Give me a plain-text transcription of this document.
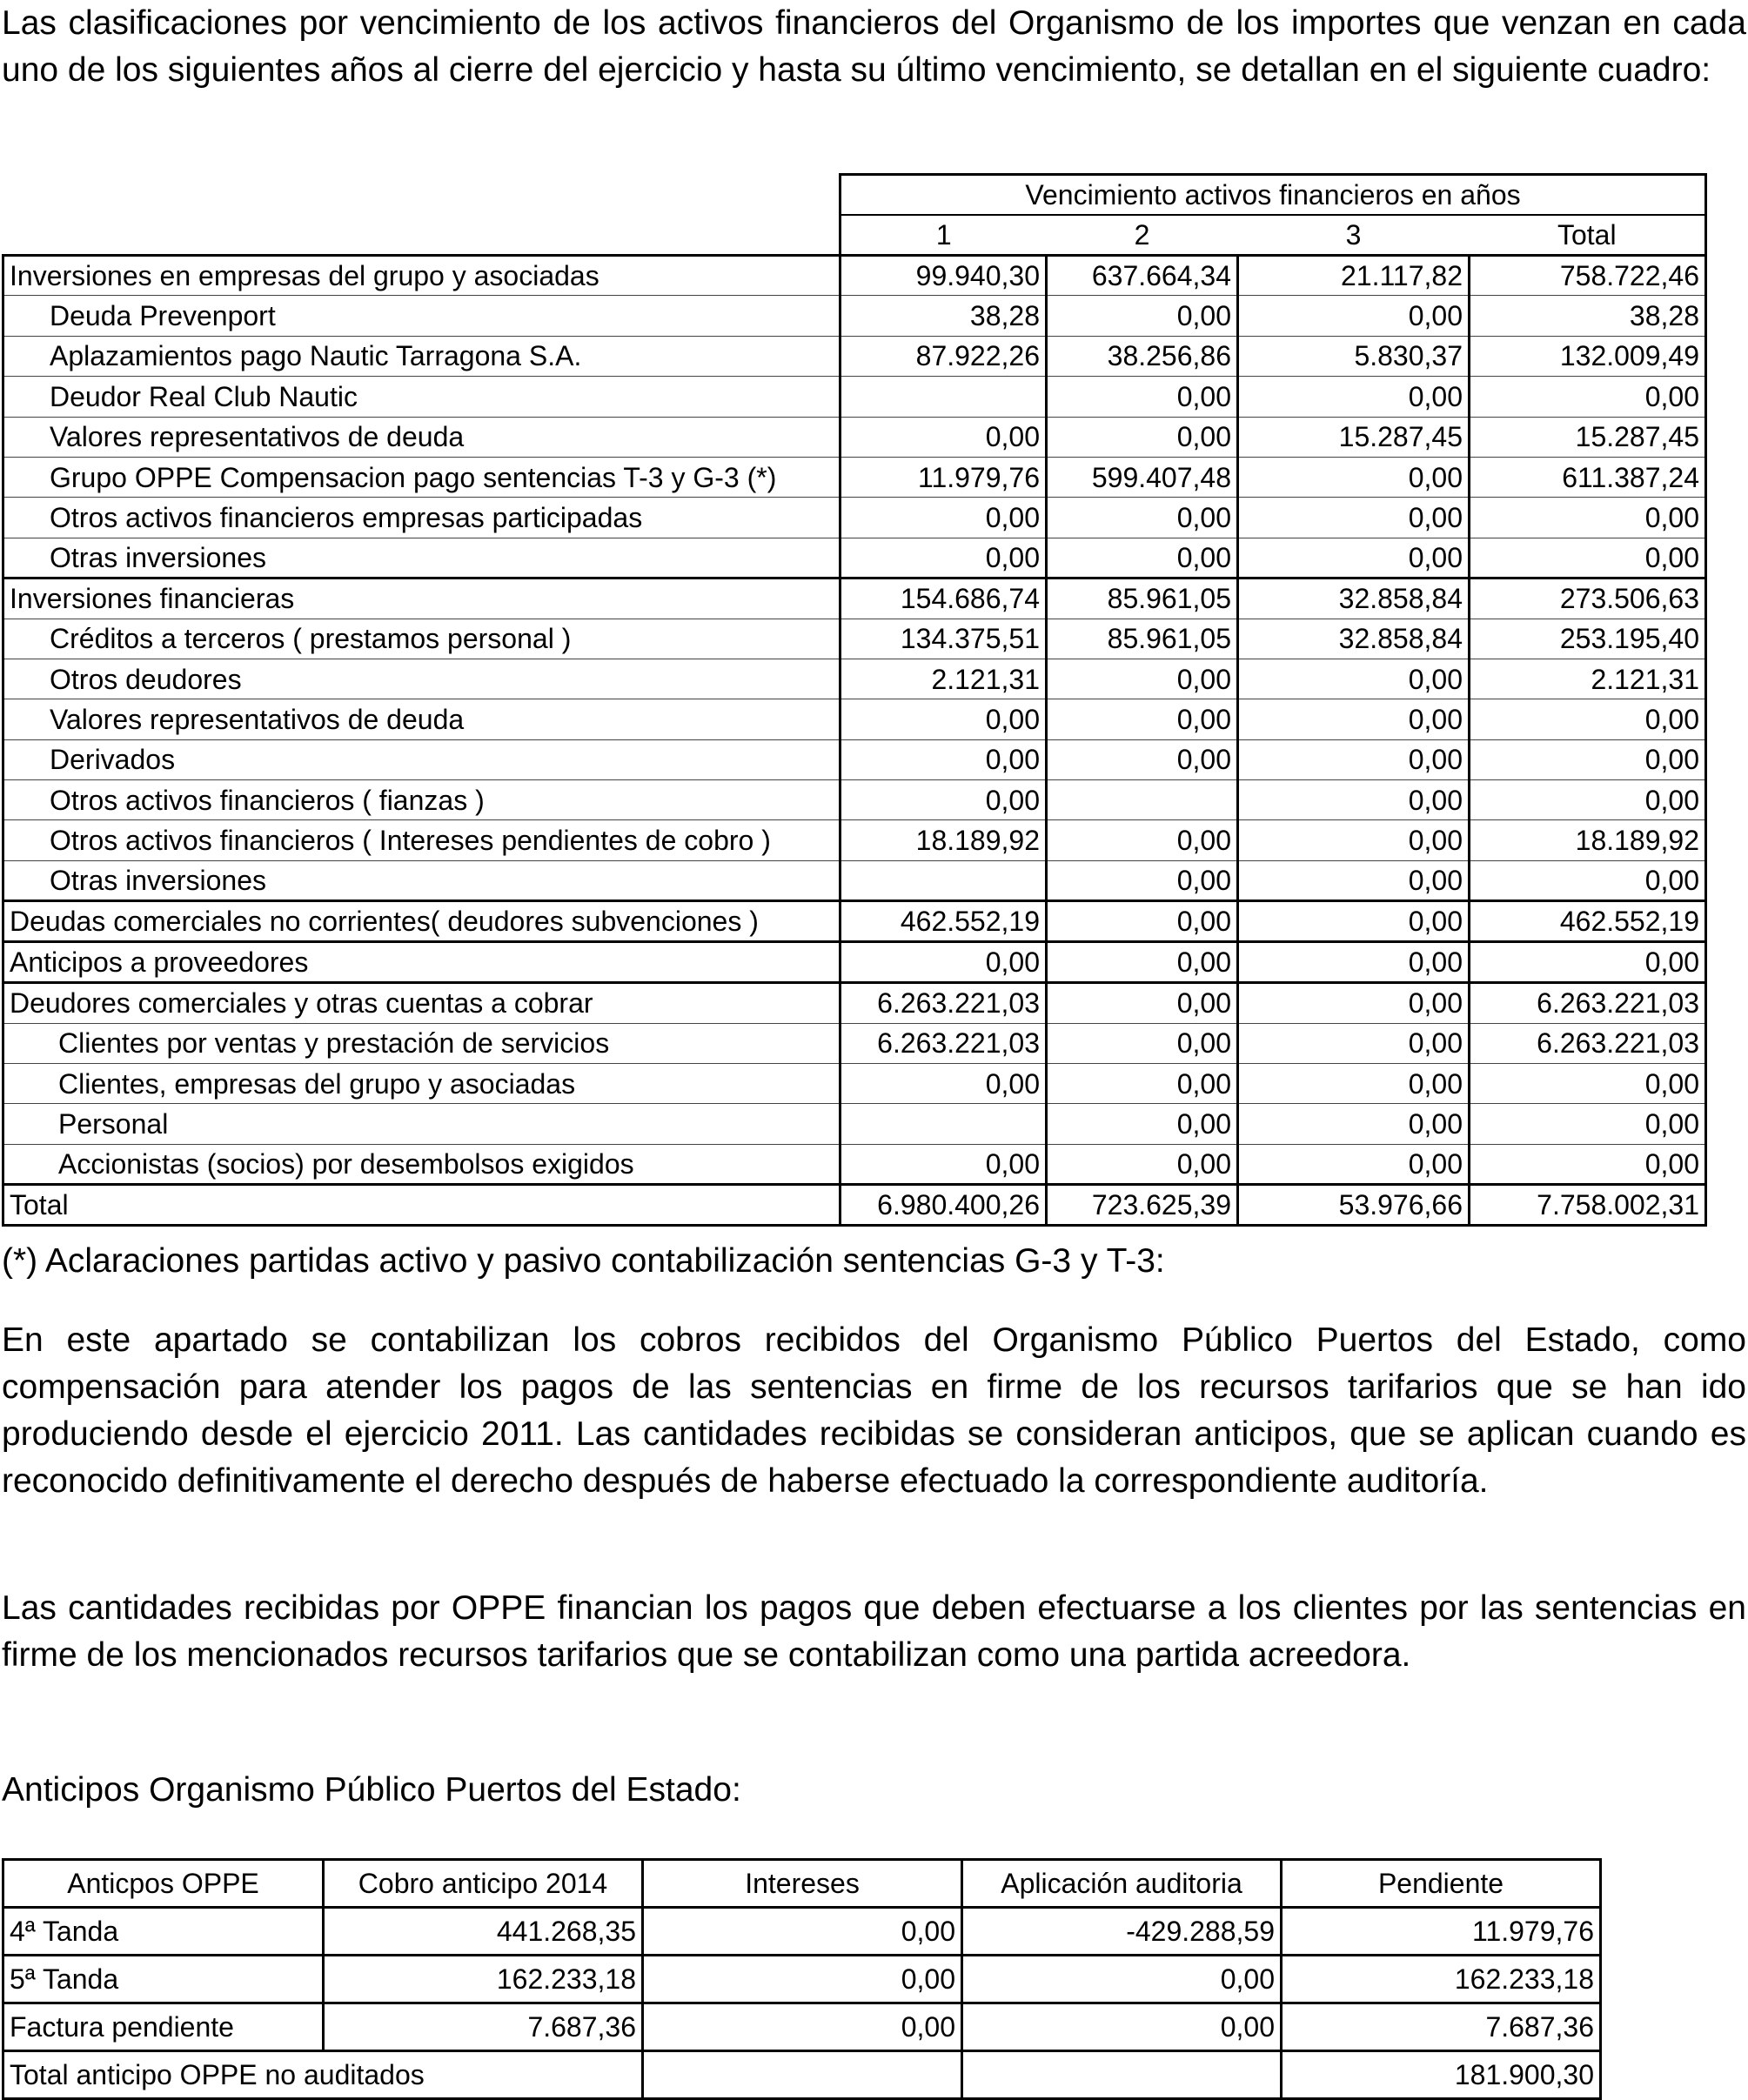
Las clasificaciones por vencimiento de los activos financieros del Organismo de los importes que venzan en cada uno de los siguientes años al cierre del ejercicio y hasta su último vencimiento, se detallan en el siguiente cuadro:

	Vencimiento activos financieros en años			
	1	2	3	Total
Inversiones en empresas del grupo y asociadas	99.940,30	637.664,34	21.117,82	758.722,46
Deuda Prevenport	38,28	0,00	0,00	38,28
Aplazamientos pago Nautic Tarragona S.A.	87.922,26	38.256,86	5.830,37	132.009,49
Deudor Real Club Nautic		0,00	0,00	0,00
Valores representativos de deuda	0,00	0,00	15.287,45	15.287,45
Grupo OPPE Compensacion pago sentencias T-3 y G-3 (*)	11.979,76	599.407,48	0,00	611.387,24
Otros activos financieros empresas participadas	0,00	0,00	0,00	0,00
Otras inversiones	0,00	0,00	0,00	0,00
Inversiones financieras	154.686,74	85.961,05	32.858,84	273.506,63
Créditos a terceros ( prestamos personal )	134.375,51	85.961,05	32.858,84	253.195,40
Otros deudores	2.121,31	0,00	0,00	2.121,31
Valores representativos de deuda	0,00	0,00	0,00	0,00
Derivados	0,00	0,00	0,00	0,00
Otros activos financieros ( fianzas )	0,00		0,00	0,00
Otros activos financieros ( Intereses pendientes de cobro )	18.189,92	0,00	0,00	18.189,92
Otras inversiones		0,00	0,00	0,00
Deudas comerciales no corrientes( deudores subvenciones )	462.552,19	0,00	0,00	462.552,19
Anticipos a proveedores	0,00	0,00	0,00	0,00
Deudores comerciales y otras cuentas a cobrar	6.263.221,03	0,00	0,00	6.263.221,03
Clientes por ventas y prestación de servicios	6.263.221,03	0,00	0,00	6.263.221,03
Clientes, empresas del grupo y asociadas	0,00	0,00	0,00	0,00
Personal		0,00	0,00	0,00
Accionistas (socios) por desembolsos exigidos	0,00	0,00	0,00	0,00
Total	6.980.400,26	723.625,39	53.976,66	7.758.002,31

(*) Aclaraciones partidas activo y pasivo contabilización sentencias G-3 y T-3:

En este apartado se contabilizan los cobros recibidos del Organismo Público Puertos del Estado, como compensación para atender los pagos de las sentencias en firme de los recursos tarifarios que se han ido produciendo desde el ejercicio 2011. Las cantidades recibidas se consideran anticipos, que se aplican cuando es reconocido definitivamente el derecho después de haberse efectuado la correspondiente auditoría.

Las cantidades recibidas por OPPE financian los pagos que deben efectuarse a los clientes por las sentencias en firme de los mencionados recursos tarifarios que se contabilizan como una partida acreedora.

Anticipos Organismo Público Puertos del Estado:

Anticpos OPPE	Cobro anticipo 2014	Intereses	Aplicación auditoria	Pendiente
4ª Tanda	441.268,35	0,00	-429.288,59	11.979,76
5ª Tanda	162.233,18	0,00	0,00	162.233,18
Factura pendiente	7.687,36	0,00	0,00	7.687,36
Total anticipo OPPE no auditados				181.900,30
